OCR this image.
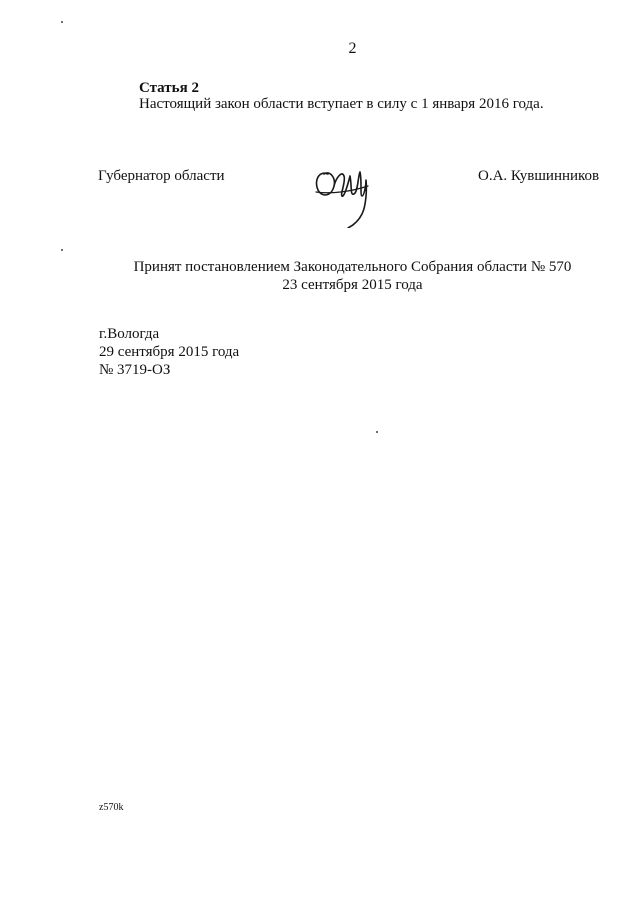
2
Статья 2
Настоящий закон области вступает в силу с 1 января 2016 года.
Губернатор области	О.А. Кувшинников
Принят постановлением Законодательного Собрания области № 570
23 сентября 2015 года
г.Вологда
29 сентября 2015 года
№ 3719-ОЗ
z570k
